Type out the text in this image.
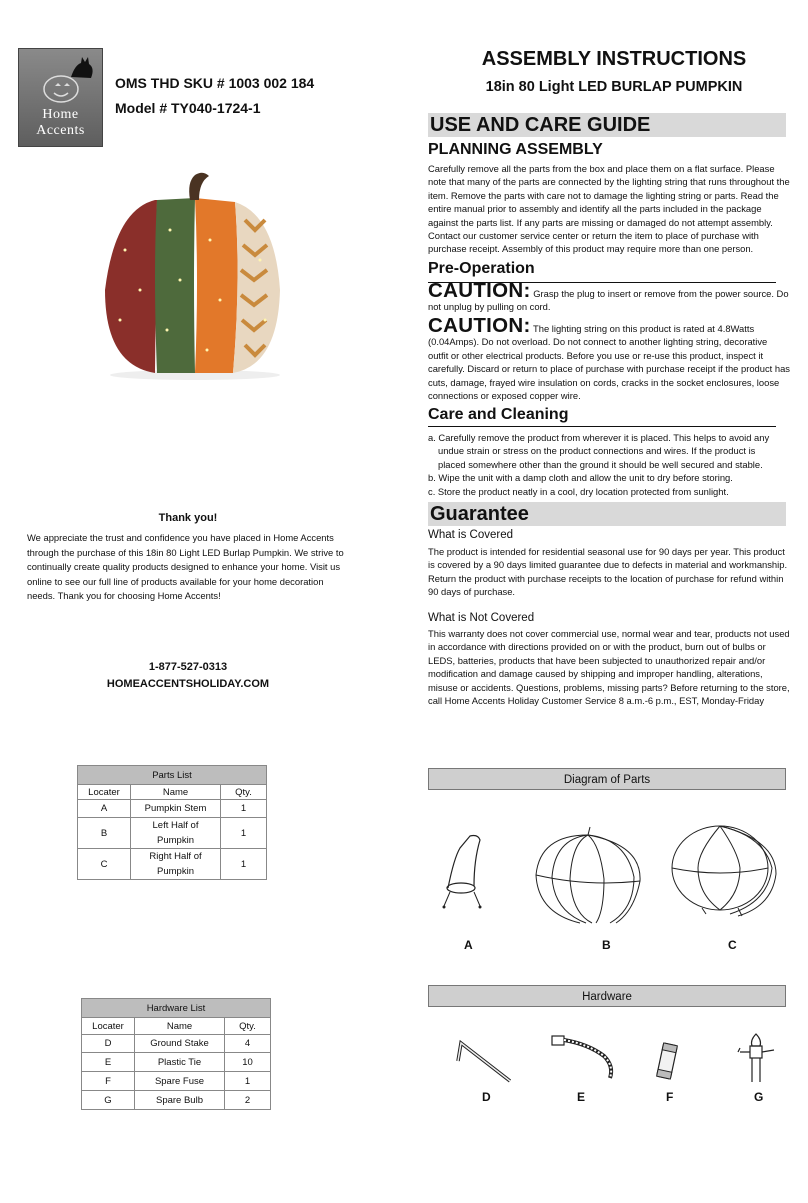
Home
Accents
OMS THD SKU # 1003 002 184
Model # TY040-1724-1
ASSEMBLY INSTRUCTIONS
18in 80 Light LED BURLAP PUMPKIN
USE AND CARE GUIDE
PLANNING ASSEMBLY
Carefully remove all the parts from the box and place them on a flat surface. Please note that many of the parts are connected by the lighting string that runs throughout the item. Remove the parts with care not to damage the lighting string or parts. Read the entire manual prior to assembly and identify all the parts included in the package against the parts list. If any parts are missing or damaged do not attempt assembly. Contact our customer service center or return the item to place of purchase with purchase receipt. Assembly of this product may require more than one person.
Pre-Operation
CAUTION: Grasp the plug to insert or remove from the power source. Do not unplug by pulling on cord.
CAUTION: The lighting string on this product is rated at 4.8Watts (0.04Amps). Do not overload. Do not connect to another lighting string, decorative outfit or other electrical products. Before you use or re-use this product, inspect it carefully. Discard or return to place of purchase with purchase receipt if the product has cuts, damage, frayed wire insulation on cords, cracks in the socket enclosures, loose connections or exposed copper wire.
Care and Cleaning
a. Carefully remove the product from wherever it is placed. This helps to avoid any
undue strain or stress on the product connections and wires. If the product is
placed somewhere other than the ground it should be well secured and stable.
b. Wipe the unit with a damp cloth and allow the unit to dry before storing.
c. Store the product neatly in a cool, dry location protected from sunlight.
Guarantee
What is Covered
The product is intended for residential seasonal use for 90 days per year. This product is covered by a 90 days limited guarantee due to defects in material and workmanship. Return the product with purchase receipts to the location of purchase for refund within 90 days of purchase.
What is Not Covered
This warranty does not cover commercial use, normal wear and tear, products not used in accordance with directions provided on or with the product, burn out of bulbs or LEDS, batteries, products that have been subjected to unauthorized repair and/or modification and damage caused by shipping and improper handling, alterations, misuse or accidents. Questions, problems, missing parts? Before returning to the store, call Home Accents Holiday Customer Service 8 a.m.-6 p.m., EST, Monday-Friday
Thank you!
We appreciate the trust and confidence you have placed in Home Accents through the purchase of this 18in 80 Light LED Burlap Pumpkin. We strive to continually create quality products designed to enhance your home. Visit us online to see our full line of products available for your home decoration needs. Thank you for choosing Home Accents!
1-877-527-0313
HOMEACCENTSHOLIDAY.COM
Parts List		
Locater	Name	Qty.
A	Pumpkin Stem	1
B	Left Half of Pumpkin	1
C	Right Half of Pumpkin	1
Hardware List		
Locater	Name	Qty.
D	Ground Stake	4
E	Plastic Tie	10
F	Spare Fuse	1
G	Spare Bulb	2
Diagram of Parts
A	B	C
Hardware
D	E	F	G
